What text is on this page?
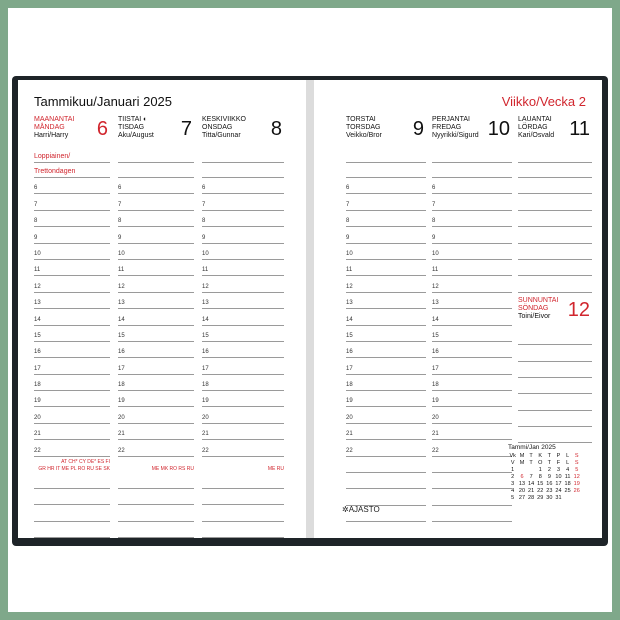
Tammikuu/Januari 2025
MAANANTAI
MÅNDAG
Harri/Harry	6
Loppiainen/
Trettondagen
6
7
8
9
10
11
12
13
14
15
16
17
18
19
20
21
22
AT CH* CY DE* ES FI
GR HR IT ME PL RO RU SE SK
TIISTAI ◐
TISDAG
Aku/August	7
6
7
8
9
10
11
12
13
14
15
16
17
18
19
20
21
22
ME MK RO RS RU
KESKIVIIKKO
ONSDAG
Titta/Gunnar	8
6
7
8
9
10
11
12
13
14
15
16
17
18
19
20
21
22
ME RU
Viikko/Vecka 2
TORSTAI
TORSDAG
Veikko/Bror	9
6
7
8
9
10
11
12
13
14
15
16
17
18
19
20
21
22
PERJANTAI
FREDAG
Nyyrikki/Sigurd 10
6
7
8
9
10
11
12
13
14
15
16
17
18
19
20
21
22
LAUANTAI
LÖRDAG
Kari/Osvald 11
SUNNUNTAI
SÖNDAG
Toini/Eivor 12
✲AJASTO
Tammi/Jan 2025
Vk	M	T	K	T	P	L	S
V	M	T	O	T	F	L	S
1			1	2	3	4	5
2	6	7	8	9	10	11	12
3	13	14	15	16	17	18	19
4	20	21	22	23	24	25	26
5	27	28	29	30	31		
